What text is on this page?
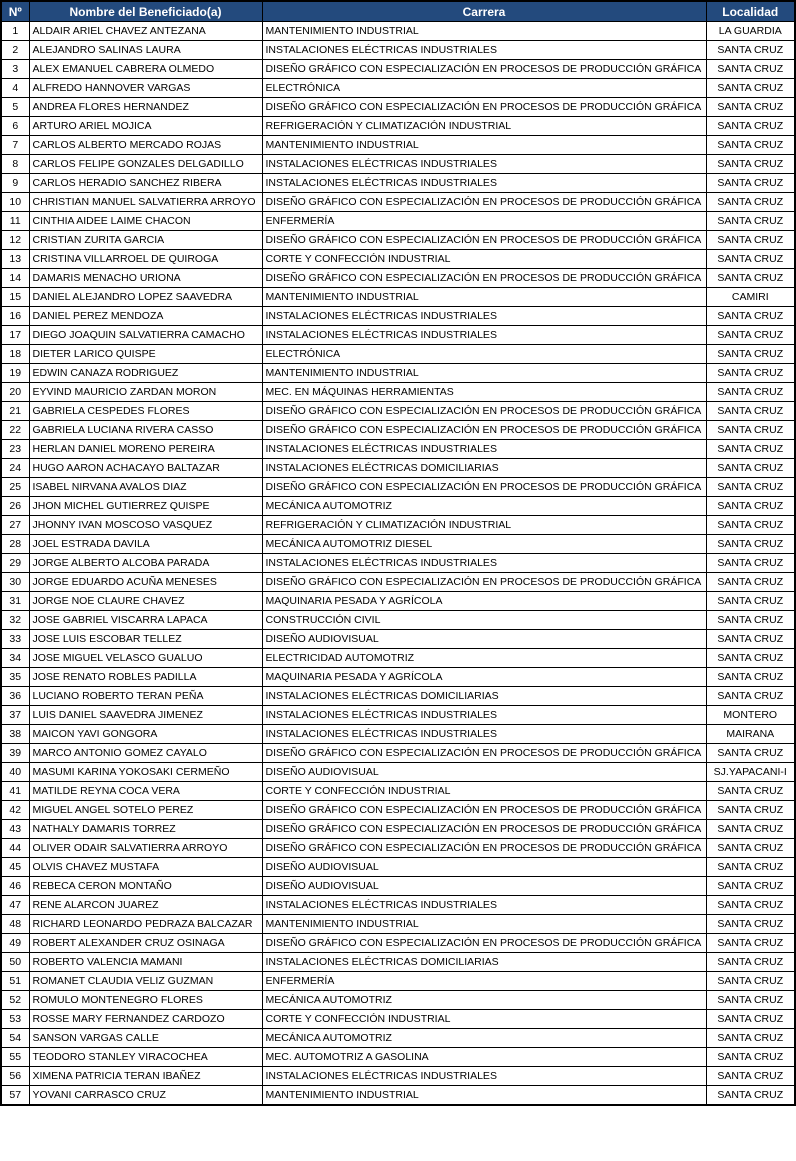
Nº	Nombre del Beneficiado(a)	Carrera	Localidad
1	ALDAIR ARIEL CHAVEZ ANTEZANA	MANTENIMIENTO INDUSTRIAL	LA GUARDIA
2	ALEJANDRO SALINAS LAURA	INSTALACIONES ELÉCTRICAS INDUSTRIALES	SANTA CRUZ
3	ALEX EMANUEL CABRERA OLMEDO	DISEÑO GRÁFICO CON ESPECIALIZACIÓN EN PROCESOS DE PRODUCCIÓN GRÁFICA	SANTA CRUZ
4	ALFREDO HANNOVER VARGAS	ELECTRÓNICA	SANTA CRUZ
5	ANDREA FLORES HERNANDEZ	DISEÑO GRÁFICO CON ESPECIALIZACIÓN EN PROCESOS DE PRODUCCIÓN GRÁFICA	SANTA CRUZ
6	ARTURO ARIEL MOJICA	REFRIGERACIÓN Y CLIMATIZACIÓN INDUSTRIAL	SANTA CRUZ
7	CARLOS ALBERTO MERCADO ROJAS	MANTENIMIENTO INDUSTRIAL	SANTA CRUZ
8	CARLOS FELIPE GONZALES DELGADILLO	INSTALACIONES ELÉCTRICAS INDUSTRIALES	SANTA CRUZ
9	CARLOS HERADIO SANCHEZ RIBERA	INSTALACIONES ELÉCTRICAS INDUSTRIALES	SANTA CRUZ
10	CHRISTIAN MANUEL SALVATIERRA ARROYO	DISEÑO GRÁFICO CON ESPECIALIZACIÓN EN PROCESOS DE PRODUCCIÓN GRÁFICA	SANTA CRUZ
11	CINTHIA AIDEE LAIME CHACON	ENFERMERÍA	SANTA CRUZ
12	CRISTIAN ZURITA GARCIA	DISEÑO GRÁFICO CON ESPECIALIZACIÓN EN PROCESOS DE PRODUCCIÓN GRÁFICA	SANTA CRUZ
13	CRISTINA VILLARROEL DE QUIROGA	CORTE Y CONFECCIÓN INDUSTRIAL	SANTA CRUZ
14	DAMARIS MENACHO URIONA	DISEÑO GRÁFICO CON ESPECIALIZACIÓN EN PROCESOS DE PRODUCCIÓN GRÁFICA	SANTA CRUZ
15	DANIEL ALEJANDRO LOPEZ SAAVEDRA	MANTENIMIENTO INDUSTRIAL	CAMIRI
16	DANIEL PEREZ MENDOZA	INSTALACIONES ELÉCTRICAS INDUSTRIALES	SANTA CRUZ
17	DIEGO JOAQUIN SALVATIERRA CAMACHO	INSTALACIONES ELÉCTRICAS INDUSTRIALES	SANTA CRUZ
18	DIETER LARICO QUISPE	ELECTRÓNICA	SANTA CRUZ
19	EDWIN CANAZA RODRIGUEZ	MANTENIMIENTO INDUSTRIAL	SANTA CRUZ
20	EYVIND MAURICIO ZARDAN MORON	MEC. EN MÁQUINAS HERRAMIENTAS	SANTA CRUZ
21	GABRIELA CESPEDES FLORES	DISEÑO GRÁFICO CON ESPECIALIZACIÓN EN PROCESOS DE PRODUCCIÓN GRÁFICA	SANTA CRUZ
22	GABRIELA LUCIANA RIVERA CASSO	DISEÑO GRÁFICO CON ESPECIALIZACIÓN EN PROCESOS DE PRODUCCIÓN GRÁFICA	SANTA CRUZ
23	HERLAN DANIEL MORENO PEREIRA	INSTALACIONES ELÉCTRICAS INDUSTRIALES	SANTA CRUZ
24	HUGO AARON ACHACAYO BALTAZAR	INSTALACIONES ELÉCTRICAS DOMICILIARIAS	SANTA CRUZ
25	ISABEL NIRVANA AVALOS DIAZ	DISEÑO GRÁFICO CON ESPECIALIZACIÓN EN PROCESOS DE PRODUCCIÓN GRÁFICA	SANTA CRUZ
26	JHON MICHEL GUTIERREZ QUISPE	MECÁNICA AUTOMOTRIZ	SANTA CRUZ
27	JHONNY IVAN MOSCOSO VASQUEZ	REFRIGERACIÓN Y CLIMATIZACIÓN INDUSTRIAL	SANTA CRUZ
28	JOEL ESTRADA DAVILA	MECÁNICA AUTOMOTRIZ DIESEL	SANTA CRUZ
29	JORGE ALBERTO ALCOBA PARADA	INSTALACIONES ELÉCTRICAS INDUSTRIALES	SANTA CRUZ
30	JORGE EDUARDO ACUÑA MENESES	DISEÑO GRÁFICO CON ESPECIALIZACIÓN EN PROCESOS DE PRODUCCIÓN GRÁFICA	SANTA CRUZ
31	JORGE NOE CLAURE CHAVEZ	MAQUINARIA PESADA Y AGRÍCOLA	SANTA CRUZ
32	JOSE GABRIEL VISCARRA LAPACA	CONSTRUCCIÓN CIVIL	SANTA CRUZ
33	JOSE LUIS ESCOBAR TELLEZ	DISEÑO AUDIOVISUAL	SANTA CRUZ
34	JOSE MIGUEL VELASCO GUALUO	ELECTRICIDAD AUTOMOTRIZ	SANTA CRUZ
35	JOSE RENATO ROBLES PADILLA	MAQUINARIA PESADA Y AGRÍCOLA	SANTA CRUZ
36	LUCIANO ROBERTO TERAN PEÑA	INSTALACIONES ELÉCTRICAS DOMICILIARIAS	SANTA CRUZ
37	LUIS DANIEL SAAVEDRA JIMENEZ	INSTALACIONES ELÉCTRICAS INDUSTRIALES	MONTERO
38	MAICON YAVI GONGORA	INSTALACIONES ELÉCTRICAS INDUSTRIALES	MAIRANA
39	MARCO ANTONIO GOMEZ CAYALO	DISEÑO GRÁFICO CON ESPECIALIZACIÓN EN PROCESOS DE PRODUCCIÓN GRÁFICA	SANTA CRUZ
40	MASUMI KARINA YOKOSAKI CERMEÑO	DISEÑO AUDIOVISUAL	SJ.YAPACANI-I
41	MATILDE REYNA COCA VERA	CORTE Y CONFECCIÓN INDUSTRIAL	SANTA CRUZ
42	MIGUEL ANGEL SOTELO PEREZ	DISEÑO GRÁFICO CON ESPECIALIZACIÓN EN PROCESOS DE PRODUCCIÓN GRÁFICA	SANTA CRUZ
43	NATHALY DAMARIS TORREZ	DISEÑO GRÁFICO CON ESPECIALIZACIÓN EN PROCESOS DE PRODUCCIÓN GRÁFICA	SANTA CRUZ
44	OLIVER ODAIR SALVATIERRA ARROYO	DISEÑO GRÁFICO CON ESPECIALIZACIÓN EN PROCESOS DE PRODUCCIÓN GRÁFICA	SANTA CRUZ
45	OLVIS CHAVEZ MUSTAFA	DISEÑO AUDIOVISUAL	SANTA CRUZ
46	REBECA CERON MONTAÑO	DISEÑO AUDIOVISUAL	SANTA CRUZ
47	RENE ALARCON JUAREZ	INSTALACIONES ELÉCTRICAS INDUSTRIALES	SANTA CRUZ
48	RICHARD LEONARDO PEDRAZA BALCAZAR	MANTENIMIENTO INDUSTRIAL	SANTA CRUZ
49	ROBERT ALEXANDER CRUZ OSINAGA	DISEÑO GRÁFICO CON ESPECIALIZACIÓN EN PROCESOS DE PRODUCCIÓN GRÁFICA	SANTA CRUZ
50	ROBERTO VALENCIA MAMANI	INSTALACIONES ELÉCTRICAS DOMICILIARIAS	SANTA CRUZ
51	ROMANET CLAUDIA VELIZ GUZMAN	ENFERMERÍA	SANTA CRUZ
52	ROMULO MONTENEGRO FLORES	MECÁNICA AUTOMOTRIZ	SANTA CRUZ
53	ROSSE MARY FERNANDEZ CARDOZO	CORTE Y CONFECCIÓN INDUSTRIAL	SANTA CRUZ
54	SANSON VARGAS CALLE	MECÁNICA AUTOMOTRIZ	SANTA CRUZ
55	TEODORO STANLEY VIRACOCHEA	MEC. AUTOMOTRIZ A GASOLINA	SANTA CRUZ
56	XIMENA PATRICIA TERAN IBAÑEZ	INSTALACIONES ELÉCTRICAS INDUSTRIALES	SANTA CRUZ
57	YOVANI CARRASCO CRUZ	MANTENIMIENTO INDUSTRIAL	SANTA CRUZ
